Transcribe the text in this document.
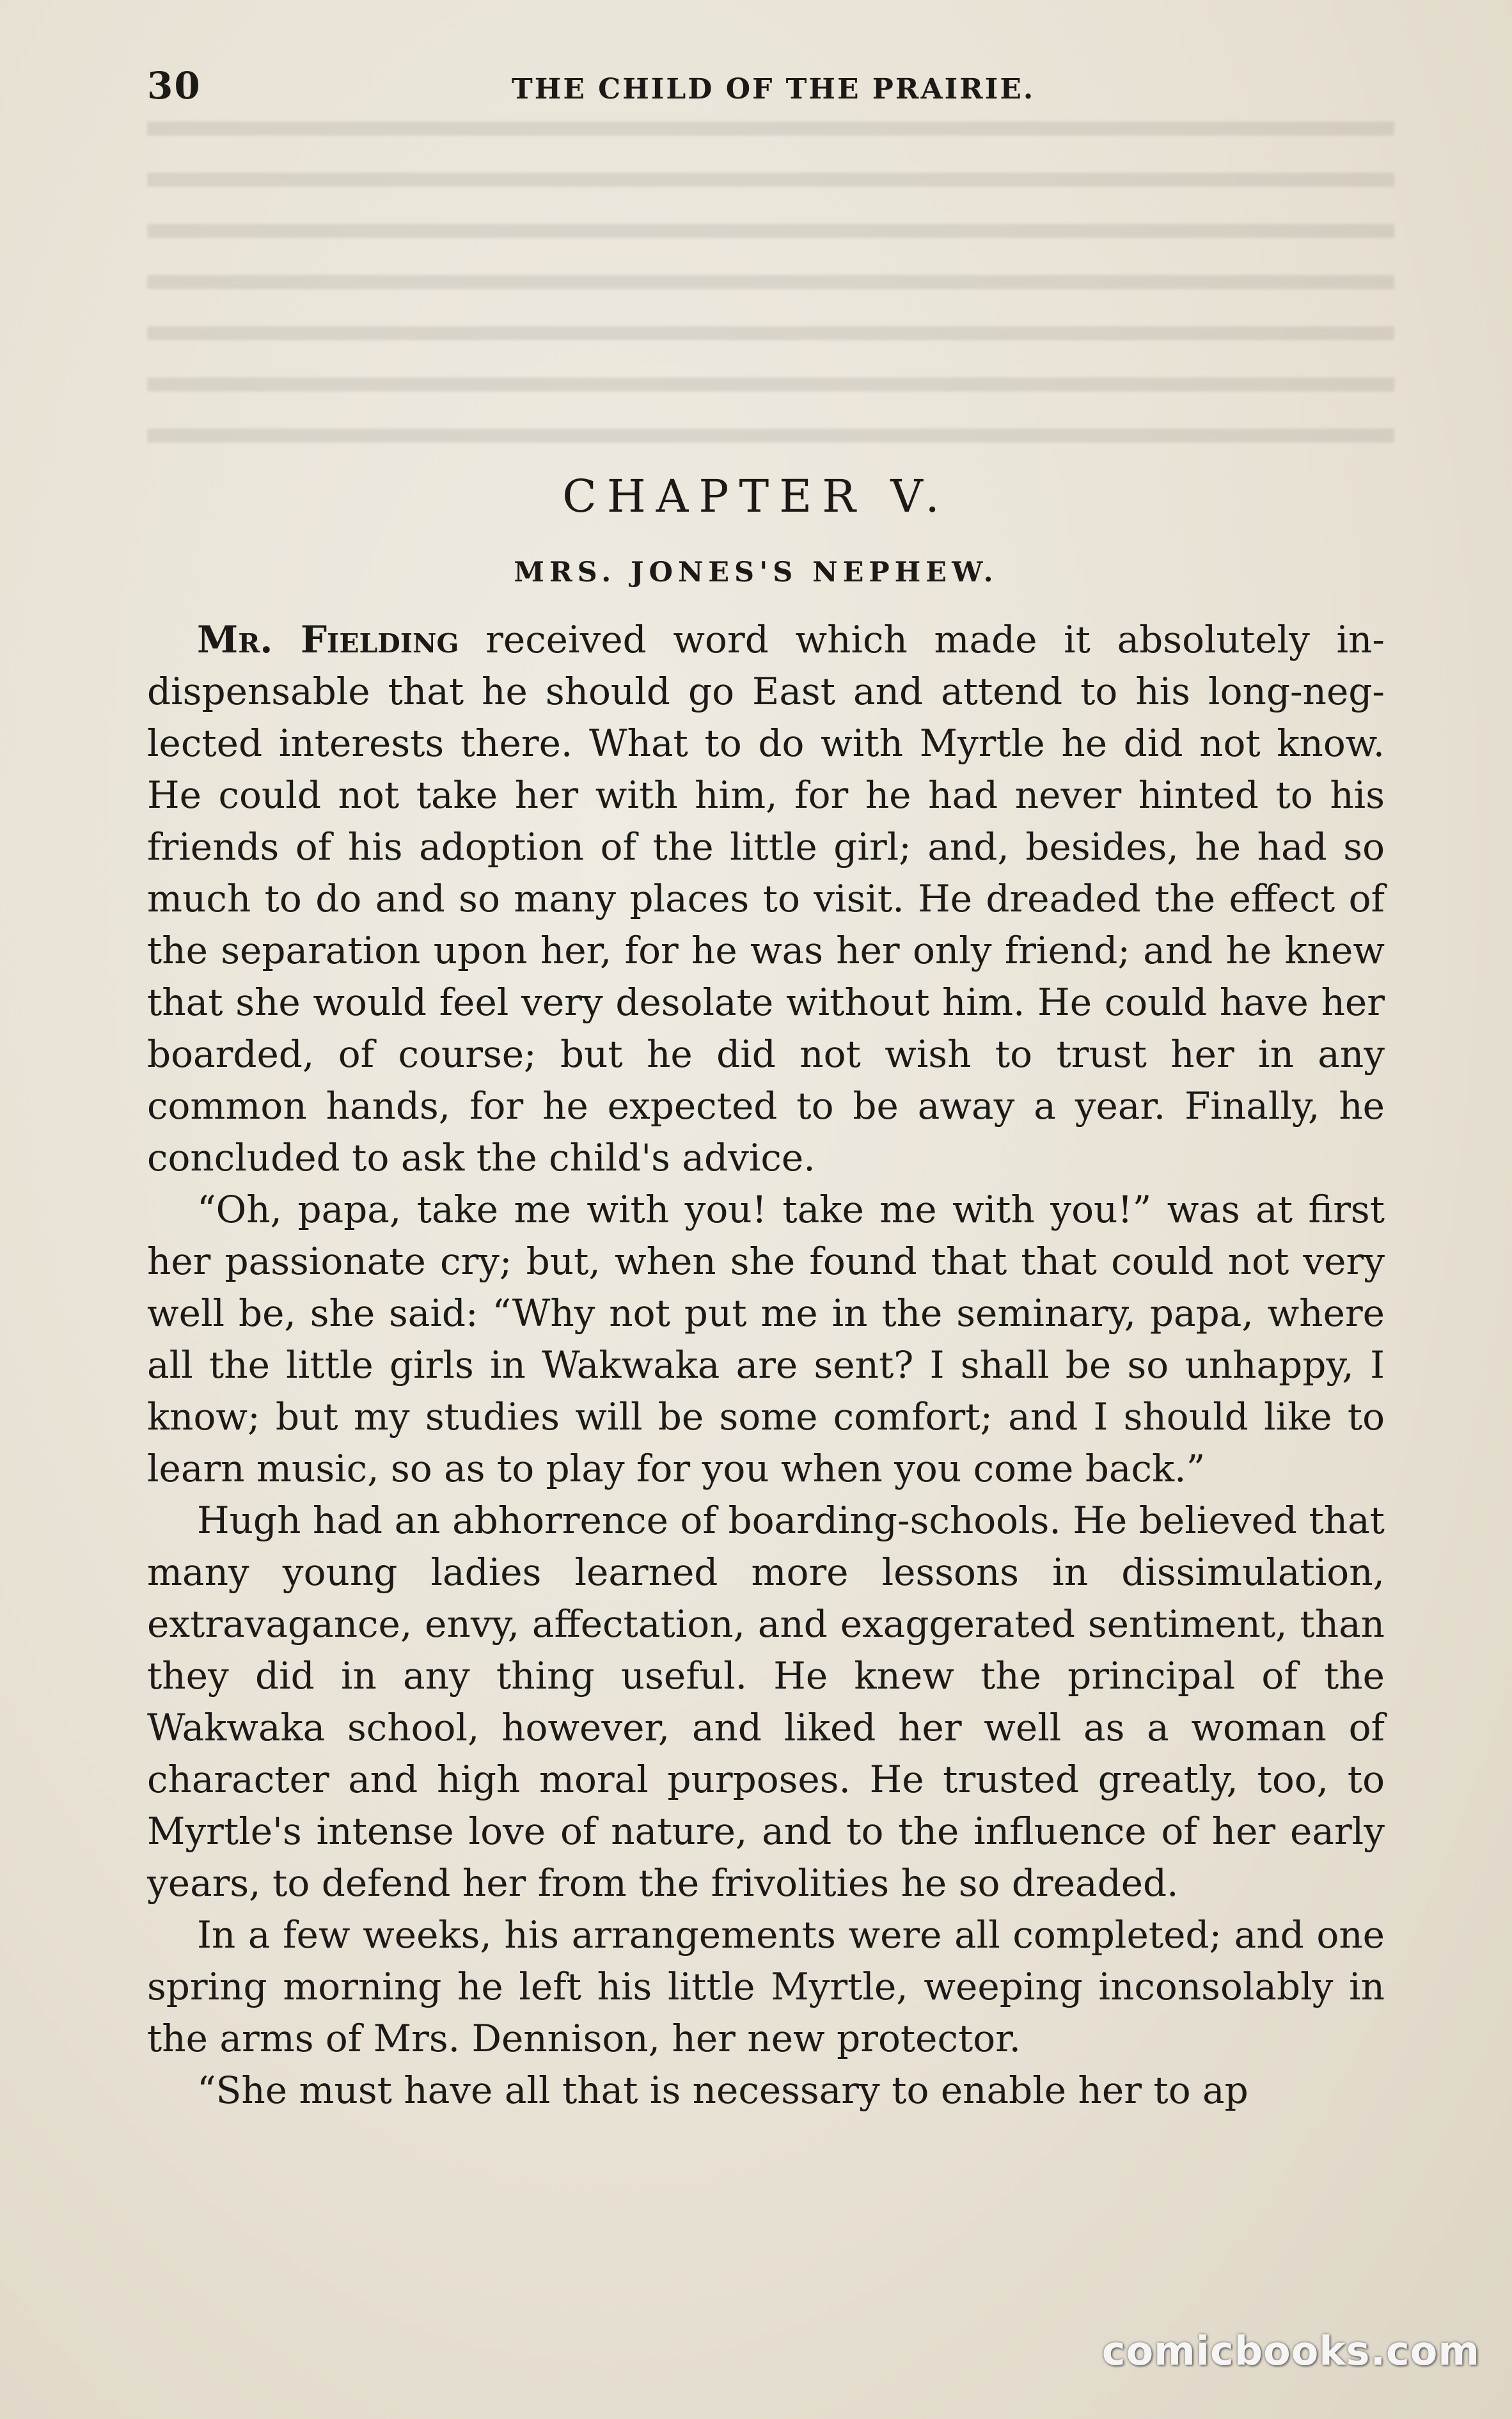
30	THE CHILD OF THE PRAIRIE.
CHAPTER V.
MRS. JONES'S NEPHEW.

Mr. Fielding received word which made it absolutely indispensable that he should go East and attend to his long-neglected interests there. What to do with Myrtle he did not know. He could not take her with him, for he had never hinted to his friends of his adoption of the little girl; and, besides, he had so much to do and so many places to visit. He dreaded the effect of the separation upon her, for he was her only friend; and he knew that she would feel very desolate without him. He could have her boarded, of course; but he did not wish to trust her in any common hands, for he expected to be away a year. Finally, he concluded to ask the child's advice.

“Oh, papa, take me with you! take me with you!” was at first her passionate cry; but, when she found that that could not very well be, she said: “Why not put me in the seminary, papa, where all the little girls in Wakwaka are sent? I shall be so unhappy, I know; but my studies will be some comfort; and I should like to learn music, so as to play for you when you come back.”

Hugh had an abhorrence of boarding-schools. He believed that many young ladies learned more lessons in dissimulation, extravagance, envy, affectation, and exaggerated sentiment, than they did in any thing useful. He knew the principal of the Wakwaka school, however, and liked her well as a woman of character and high moral purposes. He trusted greatly, too, to Myrtle's intense love of nature, and to the influence of her early years, to defend her from the frivolities he so dreaded.

In a few weeks, his arrangements were all completed; and one spring morning he left his little Myrtle, weeping inconsolably in the arms of Mrs. Dennison, her new protector.

“She must have all that is necessary to enable her to ap

comicbooks.com
